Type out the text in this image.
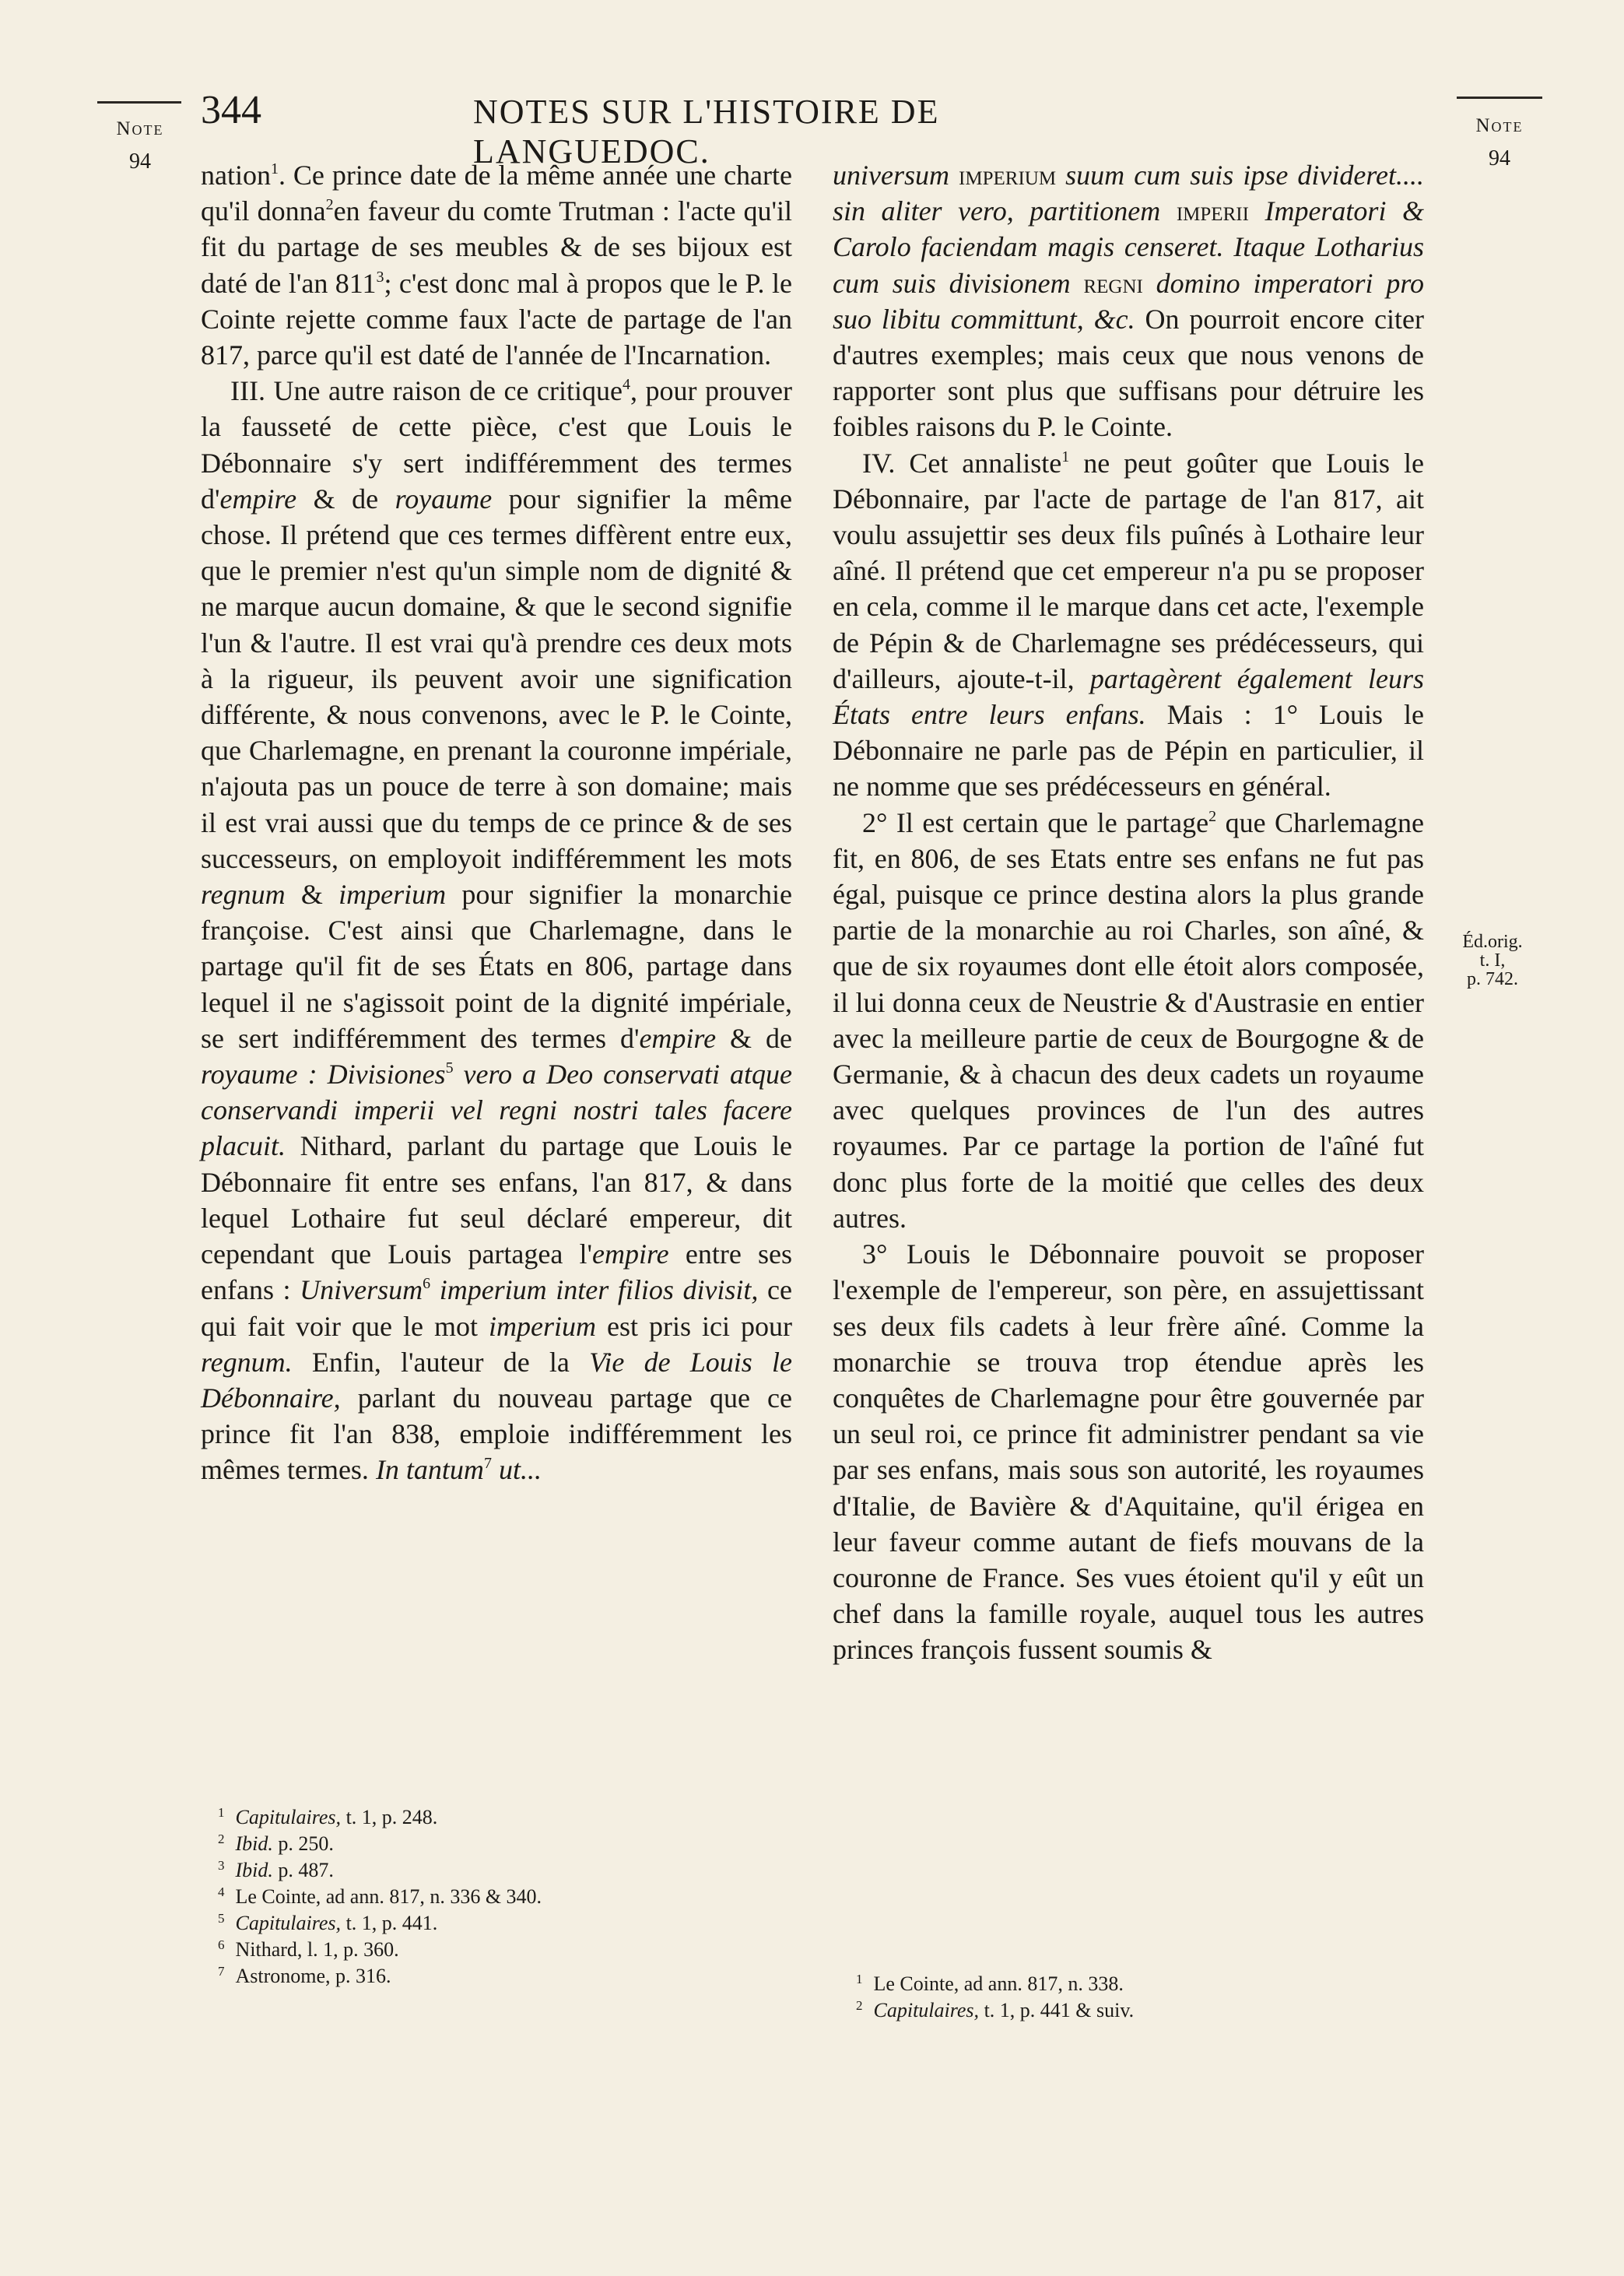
Note
94
Note
94
344	NOTES SUR L'HISTOIRE DE LANGUEDOC.

nation$^1$. Ce prince date de la même année une charte qu'il donna$^2$en faveur du comte Trutman : l'acte qu'il fit du partage de ses meubles & de ses bijoux est daté de l'an $811^3$; c'est donc mal à propos que le P. le Cointe rejette comme faux l'acte de partage de l'an 817, parce qu'il est daté de l'année de l'Incarnation.

III. Une autre raison de ce critique$^4$, pour prouver la fausseté de cette pièce, c'est que Louis le Débonnaire s'y sert indifféremment des termes d'empire & de royaume pour signifier la même chose. Il prétend que ces termes diffèrent entre eux, que le premier n'est qu'un simple nom de dignité & ne marque aucun domaine, & que le second signifie l'un & l'autre. Il est vrai qu'à prendre ces deux mots à la rigueur, ils peuvent avoir une signification différente, & nous convenons, avec le P. le Cointe, que Charlemagne, en prenant la couronne impériale, n'ajouta pas un pouce de terre à son domaine; mais il est vrai aussi que du temps de ce prince & de ses successeurs, on employoit indifféremment les mots regnum & imperium pour signifier la monarchie françoise. C'est ainsi que Charlemagne, dans le partage qu'il fit de ses États en 806, partage dans lequel il ne s'agissoit point de la dignité impériale, se sert indifféremment des termes d'empire & de royaume : Divisiones$^5$ vero a Deo conservati atque conservandi imperii vel regni nostri tales facere placuit. Nithard, parlant du partage que Louis le Débonnaire fit entre ses enfans, l'an 817, & dans lequel Lothaire fut seul déclaré empereur, dit cependant que Louis partagea l'empire entre ses enfans : Universum$^6$ imperium inter filios divisit, ce qui fait voir que le mot imperium est pris ici pour regnum. Enfin, l'auteur de la Vie de Louis le Débonnaire, parlant du nouveau partage que ce prince fit l'an 838, emploie indifféremment les mêmes termes. In tantum$^7$ ut...

universum imperium suum cum suis ipse divideret.... sin aliter vero, partitionem imperii Imperatori & Carolo faciendam magis censeret. Itaque Lotharius cum suis divisionem regni domino imperatori pro suo libitu committunt, &c. On pourroit encore citer d'autres exemples; mais ceux que nous venons de rapporter sont plus que suffisans pour détruire les foibles raisons du P. le Cointe.

IV. Cet annaliste$^1$ ne peut goûter que Louis le Débonnaire, par l'acte de partage de l'an 817, ait voulu assujettir ses deux fils puînés à Lothaire leur aîné. Il prétend que cet empereur n'a pu se proposer en cela, comme il le marque dans cet acte, l'exemple de Pépin & de Charlemagne ses prédécesseurs, qui d'ailleurs, ajoute-t-il, partagèrent également leurs États entre leurs enfans. Mais : 1° Louis le Débonnaire ne parle pas de Pépin en particulier, il ne nomme que ses prédécesseurs en général.

2° Il est certain que le partage$^2$ que Charlemagne fit, en 806, de ses Etats entre ses enfans ne fut pas égal, puisque ce prince destina alors la plus grande partie de la monarchie au roi Charles, son aîné, & que de six royaumes dont elle étoit alors composée, il lui donna ceux de Neustrie & d'Austrasie en entier avec la meilleure partie de ceux de Bourgogne & de Germanie, & à chacun des deux cadets un royaume avec quelques provinces de l'un des autres royaumes. Par ce partage la portion de l'aîné fut donc plus forte de la moitié que celles des deux autres.

3° Louis le Débonnaire pouvoit se proposer l'exemple de l'empereur, son père, en assujettissant ses deux fils cadets à leur frère aîné. Comme la monarchie se trouva trop étendue après les conquêtes de Charlemagne pour être gouvernée par un seul roi, ce prince fit administrer pendant sa vie par ses enfans, mais sous son autorité, les royaumes d'Italie, de Bavière & d'Aquitaine, qu'il érigea en leur faveur comme autant de fiefs mouvans de la couronne de France. Ses vues étoient qu'il y eût un chef dans la famille royale, auquel tous les autres princes françois fussent soumis &

Éd.orig.
t. I,
p. 742.
$^1$ Capitulaires, t. 1, p. 248.
$^2$ Ibid. p. 250.
$^3$ Ibid. p. 487.
$^4$ Le Cointe, ad ann. 817, n. 336 & 340.
$^5$ Capitulaires, t. 1, p. 441.
$^6$ Nithard, l. 1, p. 360.
$^7$ Astronome, p. 316.	$^1$ Le Cointe, ad ann. 817, n. 338.
$^2$ Capitulaires, t. 1, p. 441 & suiv.
